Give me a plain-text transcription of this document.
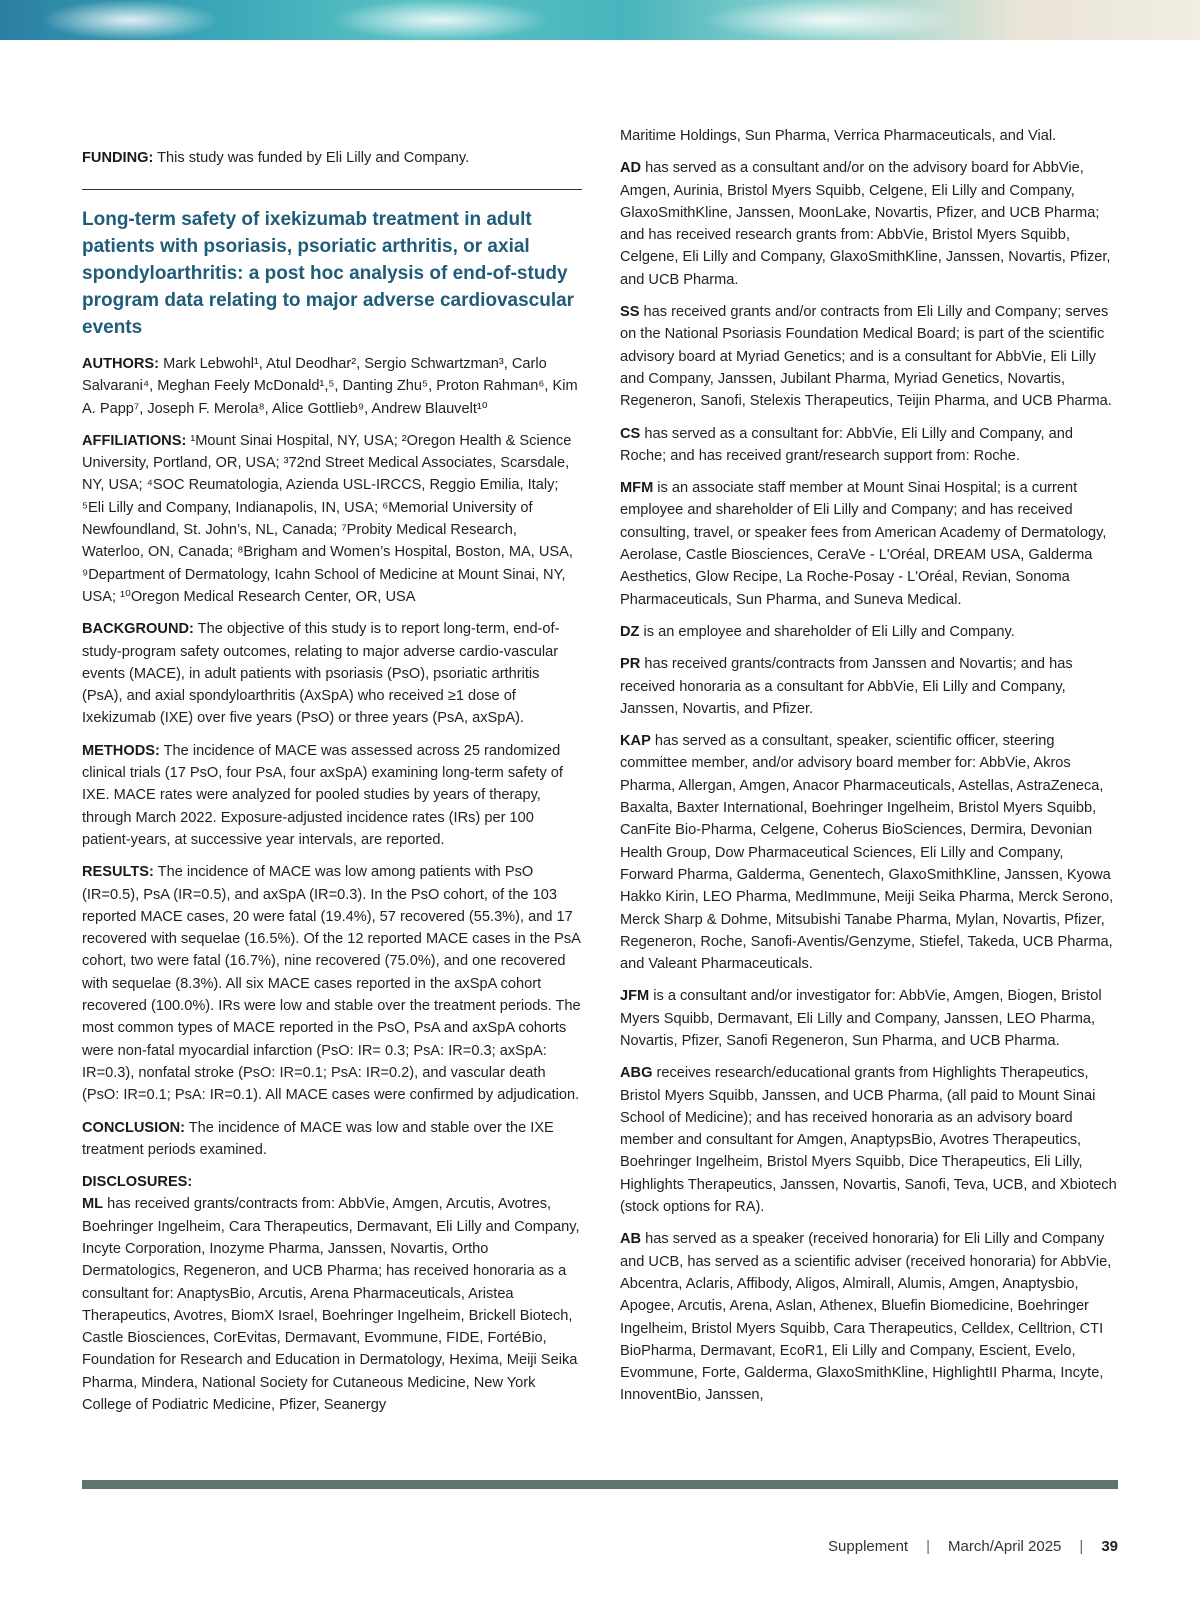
FUNDING: This study was funded by Eli Lilly and Company.

Long-term safety of ixekizumab treatment in adult patients with psoriasis, psoriatic arthritis, or axial spondyloarthritis: a post hoc analysis of end-of-study program data relating to major adverse cardiovascular events

AUTHORS: Mark Lebwohl¹, Atul Deodhar², Sergio Schwartzman³, Carlo Salvarani⁴, Meghan Feely McDonald¹,⁵, Danting Zhu⁵, Proton Rahman⁶, Kim A. Papp⁷, Joseph F. Merola⁸, Alice Gottlieb⁹, Andrew Blauvelt¹⁰

AFFILIATIONS: ¹Mount Sinai Hospital, NY, USA; ²Oregon Health & Science University, Portland, OR, USA; ³72nd Street Medical Associates, Scarsdale, NY, USA; ⁴SOC Reumatologia, Azienda USL-IRCCS, Reggio Emilia, Italy; ⁵Eli Lilly and Company, Indianapolis, IN, USA; ⁶Memorial University of Newfoundland, St. John’s, NL, Canada; ⁷Probity Medical Research, Waterloo, ON, Canada; ⁸Brigham and Women’s Hospital, Boston, MA, USA, ⁹Department of Dermatology, Icahn School of Medicine at Mount Sinai, NY, USA; ¹⁰Oregon Medical Research Center, OR, USA

BACKGROUND: The objective of this study is to report long-term, end-of-study-program safety outcomes, relating to major adverse cardio-vascular events (MACE), in adult patients with psoriasis (PsO), psoriatic arthritis (PsA), and axial spondyloarthritis (AxSpA) who received ≥1 dose of Ixekizumab (IXE) over five years (PsO) or three years (PsA, axSpA).

METHODS: The incidence of MACE was assessed across 25 randomized clinical trials (17 PsO, four PsA, four axSpA) examining long-term safety of IXE. MACE rates were analyzed for pooled studies by years of therapy, through March 2022. Exposure-adjusted incidence rates (IRs) per 100 patient-years, at successive year intervals, are reported.

RESULTS: The incidence of MACE was low among patients with PsO (IR=0.5), PsA (IR=0.5), and axSpA (IR=0.3). In the PsO cohort, of the 103 reported MACE cases, 20 were fatal (19.4%), 57 recovered (55.3%), and 17 recovered with sequelae (16.5%). Of the 12 reported MACE cases in the PsA cohort, two were fatal (16.7%), nine recovered (75.0%), and one recovered with sequelae (8.3%). All six MACE cases reported in the axSpA cohort recovered (100.0%). IRs were low and stable over the treatment periods. The most common types of MACE reported in the PsO, PsA and axSpA cohorts were non-fatal myocardial infarction (PsO: IR= 0.3; PsA: IR=0.3; axSpA: IR=0.3), nonfatal stroke (PsO: IR=0.1; PsA: IR=0.2), and vascular death (PsO: IR=0.1; PsA: IR=0.1). All MACE cases were confirmed by adjudication.

CONCLUSION: The incidence of MACE was low and stable over the IXE treatment periods examined.

DISCLOSURES:
ML has received grants/contracts from: AbbVie, Amgen, Arcutis, Avotres, Boehringer Ingelheim, Cara Therapeutics, Dermavant, Eli Lilly and Company, Incyte Corporation, Inozyme Pharma, Janssen, Novartis, Ortho Dermatologics, Regeneron, and UCB Pharma; has received honoraria as a consultant for: AnaptysBio, Arcutis, Arena Pharmaceuticals, Aristea Therapeutics, Avotres, BiomX Israel, Boehringer Ingelheim, Brickell Biotech, Castle Biosciences, CorEvitas, Dermavant, Evommune, FIDE, FortéBio, Foundation for Research and Education in Dermatology, Hexima, Meiji Seika Pharma, Mindera, National Society for Cutaneous Medicine, New York College of Podiatric Medicine, Pfizer, Seanergy

Maritime Holdings, Sun Pharma, Verrica Pharmaceuticals, and Vial.

AD has served as a consultant and/or on the advisory board for AbbVie, Amgen, Aurinia, Bristol Myers Squibb, Celgene, Eli Lilly and Company, GlaxoSmithKline, Janssen, MoonLake, Novartis, Pfizer, and UCB Pharma; and has received research grants from: AbbVie, Bristol Myers Squibb, Celgene, Eli Lilly and Company, GlaxoSmithKline, Janssen, Novartis, Pfizer, and UCB Pharma.

SS has received grants and/or contracts from Eli Lilly and Company; serves on the National Psoriasis Foundation Medical Board; is part of the scientific advisory board at Myriad Genetics; and is a consultant for AbbVie, Eli Lilly and Company, Janssen, Jubilant Pharma, Myriad Genetics, Novartis, Regeneron, Sanofi, Stelexis Therapeutics, Teijin Pharma, and UCB Pharma.

CS has served as a consultant for: AbbVie, Eli Lilly and Company, and Roche; and has received grant/research support from: Roche.

MFM is an associate staff member at Mount Sinai Hospital; is a current employee and shareholder of Eli Lilly and Company; and has received consulting, travel, or speaker fees from American Academy of Dermatology, Aerolase, Castle Biosciences, CeraVe - L'Oréal, DREAM USA, Galderma Aesthetics, Glow Recipe, La Roche-Posay - L'Oréal, Revian, Sonoma Pharmaceuticals, Sun Pharma, and Suneva Medical.

DZ is an employee and shareholder of Eli Lilly and Company.

PR has received grants/contracts from Janssen and Novartis; and has received honoraria as a consultant for AbbVie, Eli Lilly and Company, Janssen, Novartis, and Pfizer.

KAP has served as a consultant, speaker, scientific officer, steering committee member, and/or advisory board member for: AbbVie, Akros Pharma, Allergan, Amgen, Anacor Pharmaceuticals, Astellas, AstraZeneca, Baxalta, Baxter International, Boehringer Ingelheim, Bristol Myers Squibb, CanFite Bio-Pharma, Celgene, Coherus BioSciences, Dermira, Devonian Health Group, Dow Pharmaceutical Sciences, Eli Lilly and Company, Forward Pharma, Galderma, Genentech, GlaxoSmithKline, Janssen, Kyowa Hakko Kirin, LEO Pharma, MedImmune, Meiji Seika Pharma, Merck Serono, Merck Sharp & Dohme, Mitsubishi Tanabe Pharma, Mylan, Novartis, Pfizer, Regeneron, Roche, Sanofi-Aventis/Genzyme, Stiefel, Takeda, UCB Pharma, and Valeant Pharmaceuticals.

JFM is a consultant and/or investigator for: AbbVie, Amgen, Biogen, Bristol Myers Squibb, Dermavant, Eli Lilly and Company, Janssen, LEO Pharma, Novartis, Pfizer, Sanofi Regeneron, Sun Pharma, and UCB Pharma.

ABG receives research/educational grants from Highlights Therapeutics, Bristol Myers Squibb, Janssen, and UCB Pharma, (all paid to Mount Sinai School of Medicine); and has received honoraria as an advisory board member and consultant for Amgen, AnaptypsBio, Avotres Therapeutics, Boehringer Ingelheim, Bristol Myers Squibb, Dice Therapeutics, Eli Lilly, Highlights Therapeutics, Janssen, Novartis, Sanofi, Teva, UCB, and Xbiotech (stock options for RA).

AB has served as a speaker (received honoraria) for Eli Lilly and Company and UCB, has served as a scientific adviser (received honoraria) for AbbVie, Abcentra, Aclaris, Affibody, Aligos, Almirall, Alumis, Amgen, Anaptysbio, Apogee, Arcutis, Arena, Aslan, Athenex, Bluefin Biomedicine, Boehringer Ingelheim, Bristol Myers Squibb, Cara Therapeutics, Celldex, Celltrion, CTI BioPharma, Dermavant, EcoR1, Eli Lilly and Company, Escient, Evelo, Evommune, Forte, Galderma, GlaxoSmithKline, HighlightII Pharma, Incyte, InnoventBio, Janssen,

Supplement | March/April 2025 | 39
